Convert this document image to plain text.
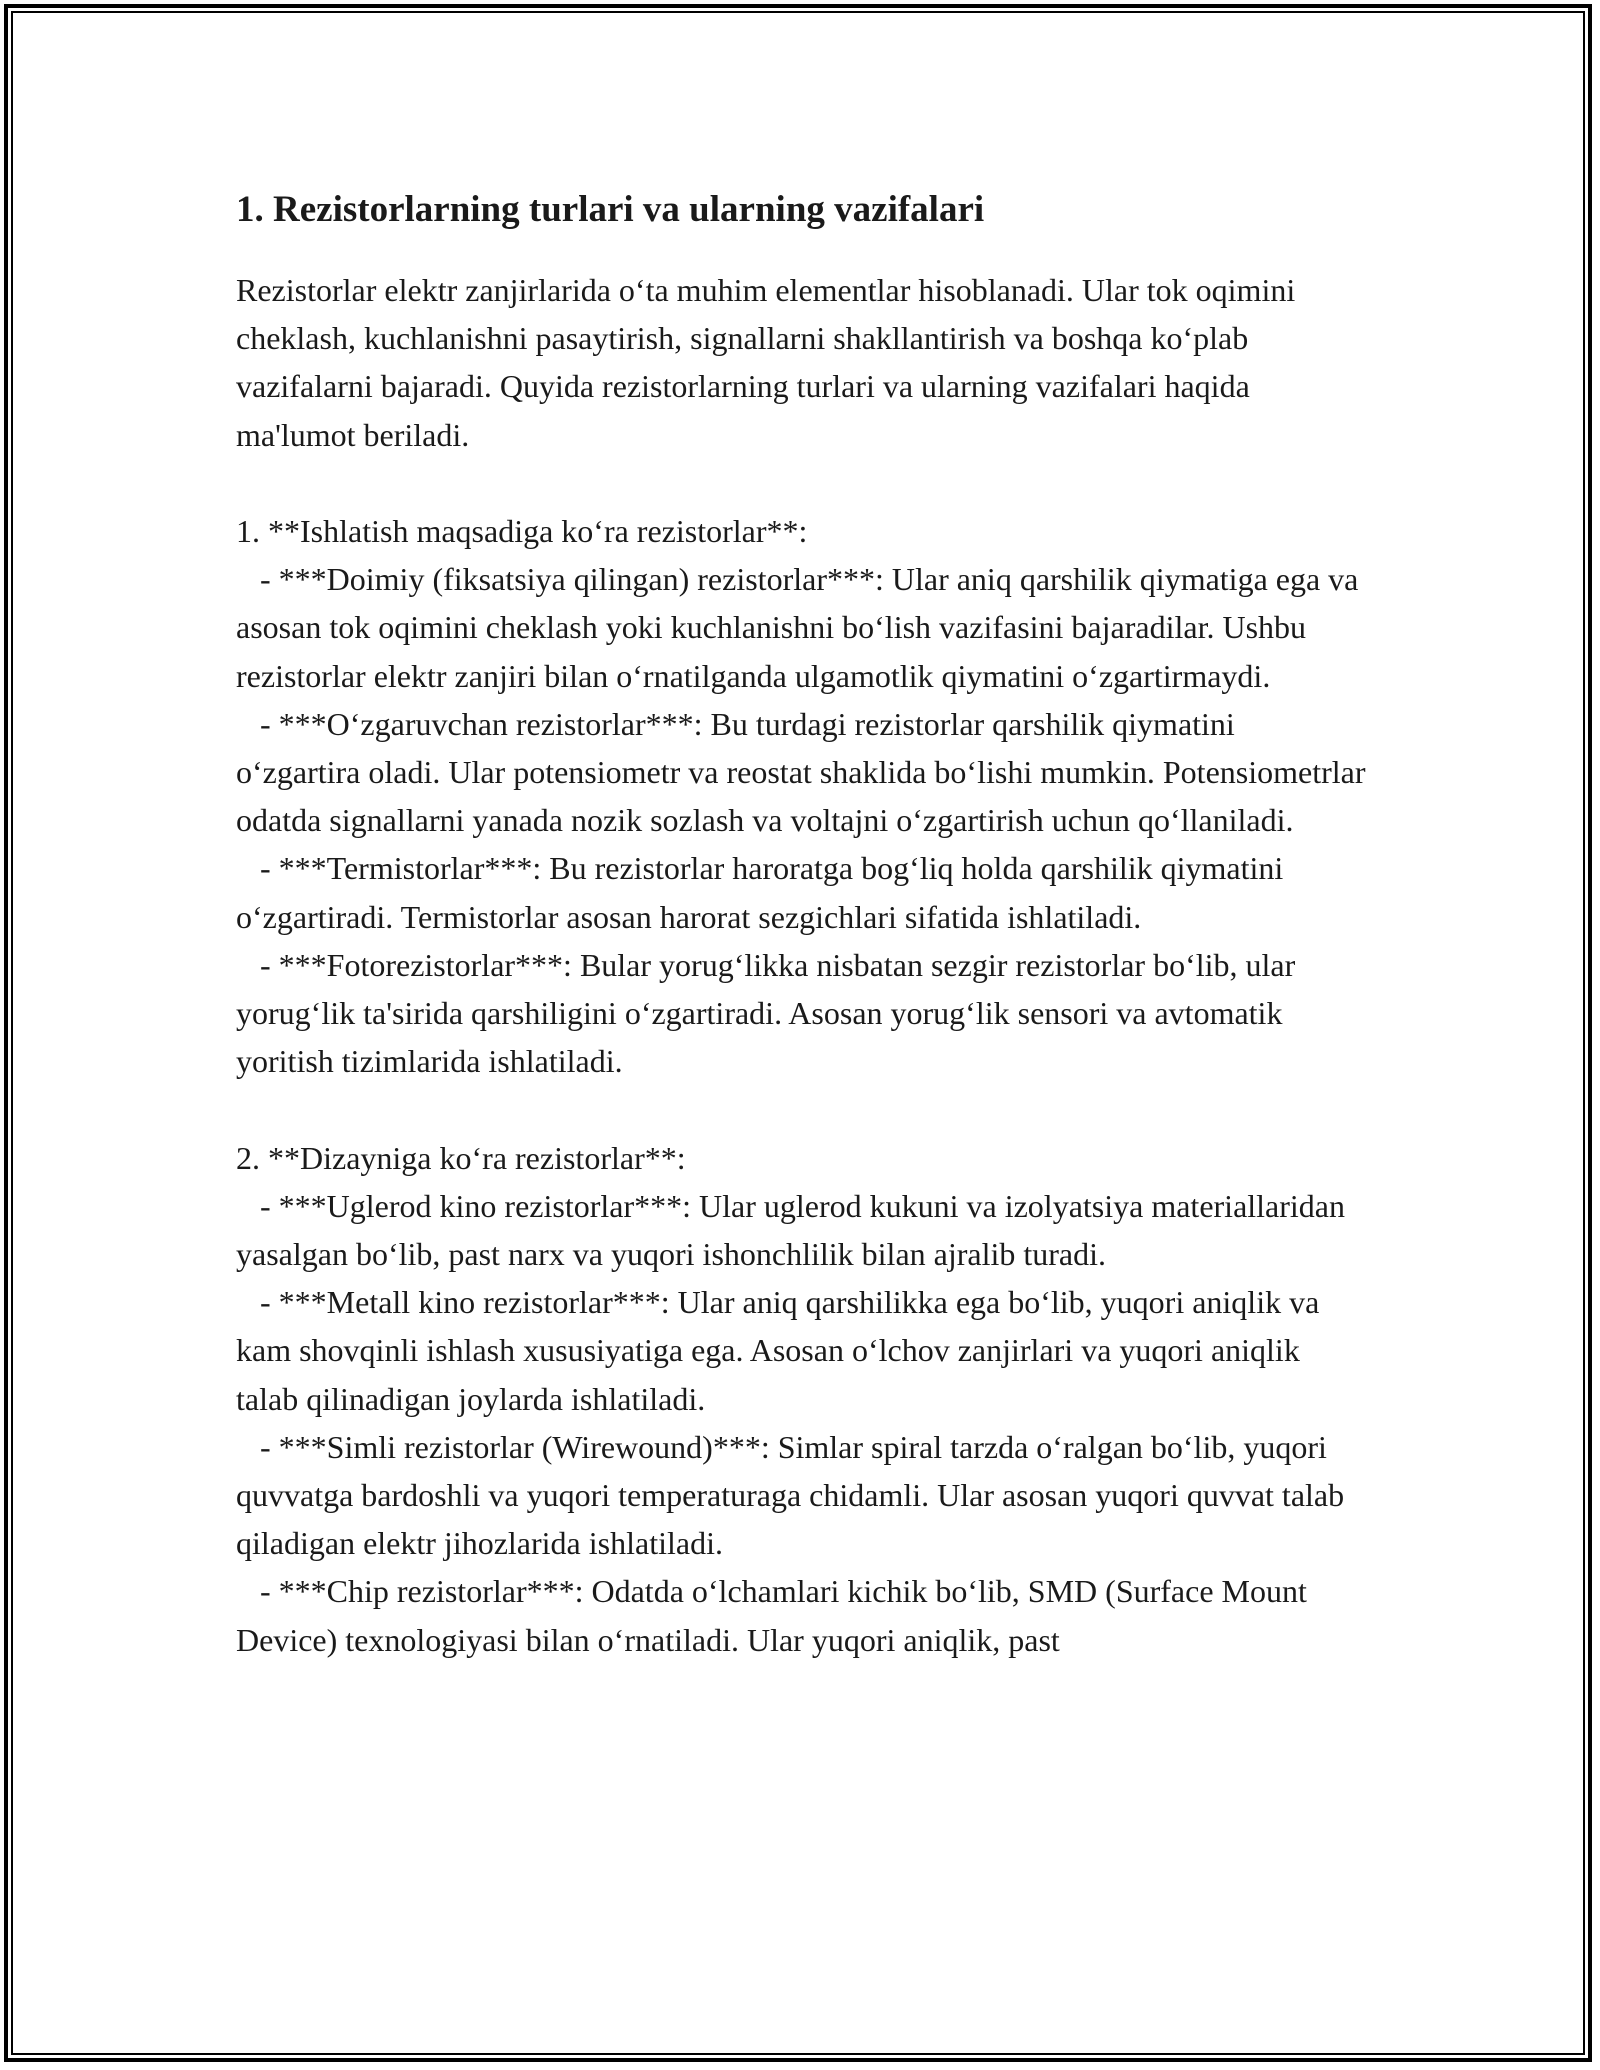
1. Rezistorlarning turlari va ularning vazifalari

Rezistorlar elektr zanjirlarida oʻta muhim elementlar hisoblanadi. Ular tok oqimini cheklash, kuchlanishni pasaytirish, signallarni shakllantirish va boshqa koʻplab vazifalarni bajaradi. Quyida rezistorlarning turlari va ularning vazifalari haqida ma'lumot beriladi.

1. **Ishlatish maqsadiga koʻra rezistorlar**:

- ***Doimiy (fiksatsiya qilingan) rezistorlar***: Ular aniq qarshilik qiymatiga ega va asosan tok oqimini cheklash yoki kuchlanishni boʻlish vazifasini bajaradilar. Ushbu rezistorlar elektr zanjiri bilan oʻrnatilganda ulgamotlik qiymatini oʻzgartirmaydi.

- ***Oʻzgaruvchan rezistorlar***: Bu turdagi rezistorlar qarshilik qiymatini oʻzgartira oladi. Ular potensiometr va reostat shaklida boʻlishi mumkin. Potensiometrlar odatda signallarni yanada nozik sozlash va voltajni oʻzgartirish uchun qoʻllaniladi.

- ***Termistorlar***: Bu rezistorlar haroratga bogʻliq holda qarshilik qiymatini oʻzgartiradi. Termistorlar asosan harorat sezgichlari sifatida ishlatiladi.

- ***Fotorezistorlar***: Bular yorugʻlikka nisbatan sezgir rezistorlar boʻlib, ular yorugʻlik ta'sirida qarshiligini oʻzgartiradi. Asosan yorugʻlik sensori va avtomatik yoritish tizimlarida ishlatiladi.

2. **Dizayniga koʻra rezistorlar**:

- ***Uglerod kino rezistorlar***: Ular uglerod kukuni va izolyatsiya materiallaridan yasalgan boʻlib, past narx va yuqori ishonchlilik bilan ajralib turadi.

- ***Metall kino rezistorlar***: Ular aniq qarshilikka ega boʻlib, yuqori aniqlik va kam shovqinli ishlash xususiyatiga ega. Asosan oʻlchov zanjirlari va yuqori aniqlik talab qilinadigan joylarda ishlatiladi.

- ***Simli rezistorlar (Wirewound)***: Simlar spiral tarzda oʻralgan boʻlib, yuqori quvvatga bardoshli va yuqori temperaturaga chidamli. Ular asosan yuqori quvvat talab qiladigan elektr jihozlarida ishlatiladi.

- ***Chip rezistorlar***: Odatda oʻlchamlari kichik boʻlib, SMD (Surface Mount Device) texnologiyasi bilan oʻrnatiladi. Ular yuqori aniqlik, past
